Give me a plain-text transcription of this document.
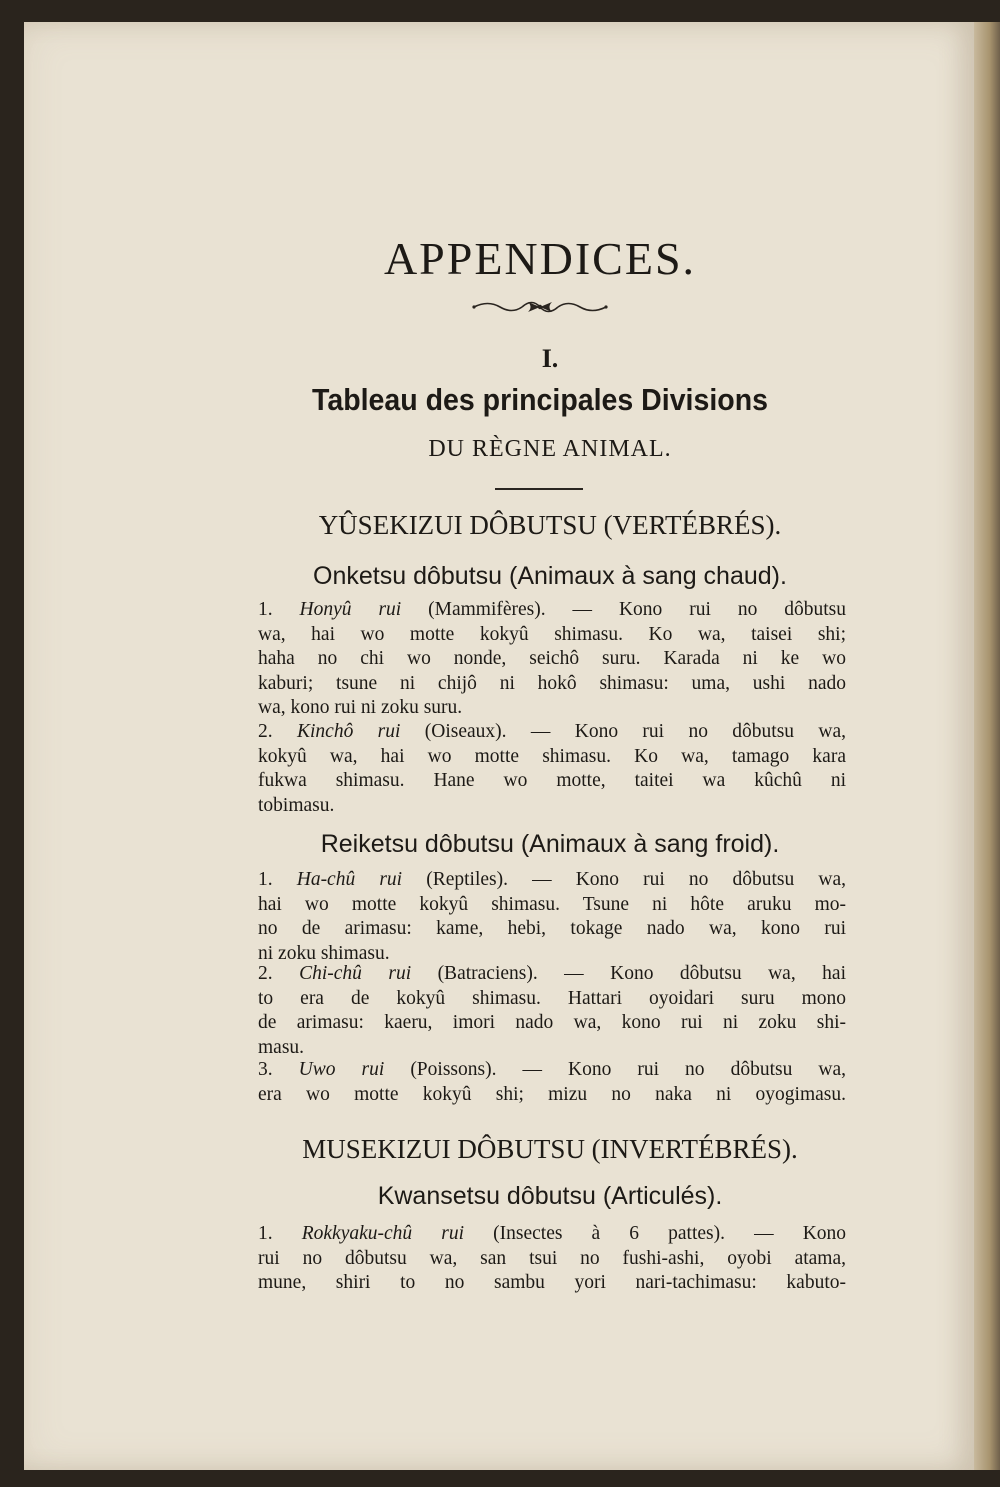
APPENDICES.
I.
Tableau des principales Divisions
DU RÈGNE ANIMAL.
YÛSEKIZUI DÔBUTSU (VERTÉBRÉS).
Onketsu dôbutsu (Animaux à sang chaud).
1. Honyû rui (Mammifères). — Kono rui no dôbutsu
wa, hai wo motte kokyû shimasu. Ko wa, taisei shi;
haha no chi wo nonde, seichô suru. Karada ni ke wo
kaburi; tsune ni chijô ni hokô shimasu: uma, ushi nado
wa, kono rui ni zoku suru.
2. Kinchô rui (Oiseaux). — Kono rui no dôbutsu wa,
kokyû wa, hai wo motte shimasu. Ko wa, tamago kara
fukwa shimasu. Hane wo motte, taitei wa kûchû ni
tobimasu.
Reiketsu dôbutsu (Animaux à sang froid).
1. Ha-chû rui (Reptiles). — Kono rui no dôbutsu wa,
hai wo motte kokyû shimasu. Tsune ni hôte aruku mo-
no de arimasu: kame, hebi, tokage nado wa, kono rui
ni zoku shimasu.
2. Chi-chû rui (Batraciens). — Kono dôbutsu wa, hai
to era de kokyû shimasu. Hattari oyoidari suru mono
de arimasu: kaeru, imori nado wa, kono rui ni zoku shi-
masu.
3. Uwo rui (Poissons). — Kono rui no dôbutsu wa,
era wo motte kokyû shi; mizu no naka ni oyogimasu.
MUSEKIZUI DÔBUTSU (INVERTÉBRÉS).
Kwansetsu dôbutsu (Articulés).
1. Rokkyaku-chû rui (Insectes à 6 pattes). — Kono
rui no dôbutsu wa, san tsui no fushi-ashi, oyobi atama,
mune, shiri to no sambu yori nari-tachimasu: kabuto-
